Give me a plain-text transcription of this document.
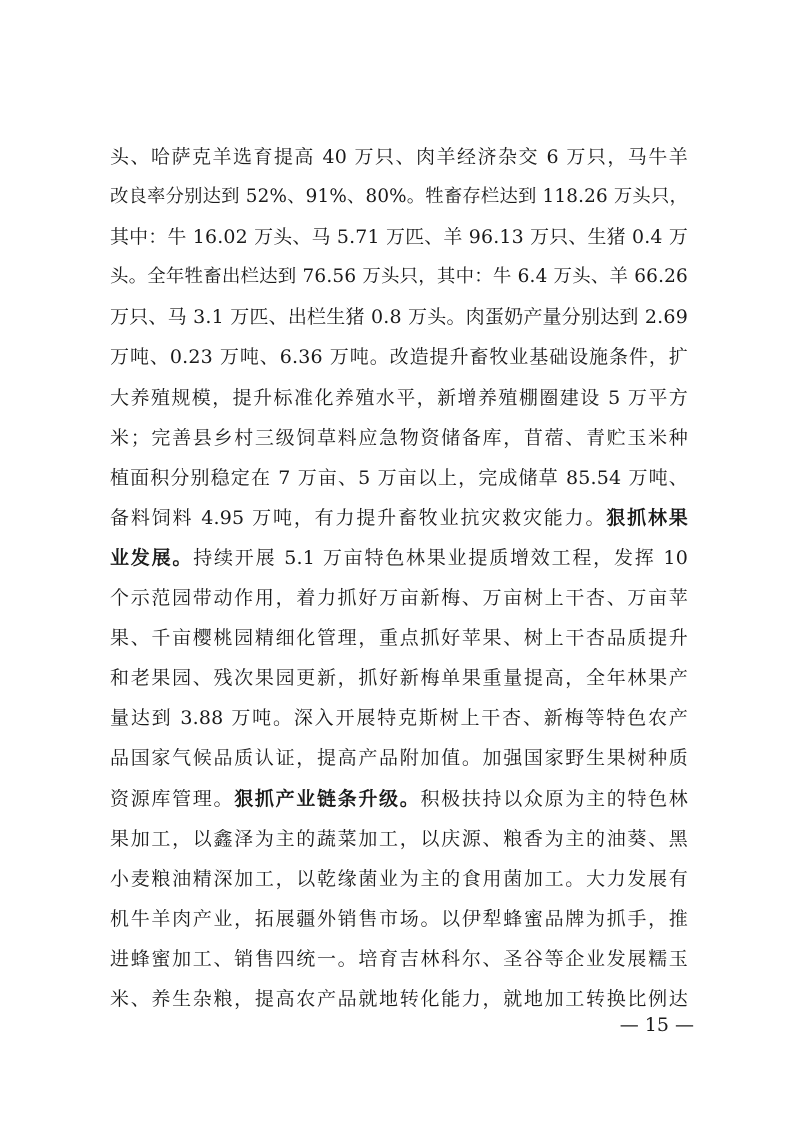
头、哈萨克羊选育提高 40 万只、肉羊经济杂交 6 万只，马牛羊
改良率分别达到 52%、91%、80%。牲畜存栏达到 118.26 万头只，
其中：牛 16.02 万头、马 5.71 万匹、羊 96.13 万只、生猪 0.4 万
头。全年牲畜出栏达到 76.56 万头只，其中：牛 6.4 万头、羊 66.26
万只、马 3.1 万匹、出栏生猪 0.8 万头。肉蛋奶产量分别达到 2.69
万吨、0.23 万吨、6.36 万吨。改造提升畜牧业基础设施条件，扩
大养殖规模，提升标准化养殖水平，新增养殖棚圈建设 5 万平方
米；完善县乡村三级饲草料应急物资储备库，苜蓿、青贮玉米种
植面积分别稳定在 7 万亩、5 万亩以上，完成储草 85.54 万吨、
备料饲料 4.95 万吨，有力提升畜牧业抗灾救灾能力。狠抓林果
业发展。持续开展 5.1 万亩特色林果业提质增效工程，发挥 10
个示范园带动作用，着力抓好万亩新梅、万亩树上干杏、万亩苹
果、千亩樱桃园精细化管理，重点抓好苹果、树上干杏品质提升
和老果园、残次果园更新，抓好新梅单果重量提高，全年林果产
量达到 3.88 万吨。深入开展特克斯树上干杏、新梅等特色农产
品国家气候品质认证，提高产品附加值。加强国家野生果树种质
资源库管理。狠抓产业链条升级。积极扶持以众原为主的特色林
果加工，以鑫泽为主的蔬菜加工，以庆源、粮香为主的油葵、黑
小麦粮油精深加工，以乾缘菌业为主的食用菌加工。大力发展有
机牛羊肉产业，拓展疆外销售市场。以伊犁蜂蜜品牌为抓手，推
进蜂蜜加工、销售四统一。培育吉林科尔、圣谷等企业发展糯玉
米、养生杂粮，提高农产品就地转化能力，就地加工转换比例达
— 15 —
